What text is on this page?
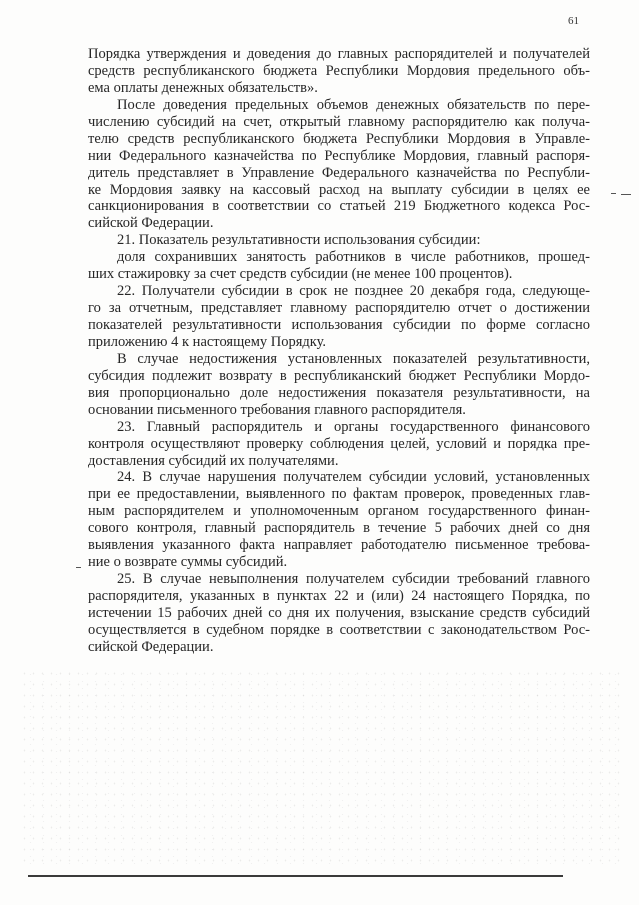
61
Порядка утверждения и доведения до главных распорядителей и получателей
средств республиканского бюджета Республики Мордовия предельного объ-
ема оплаты денежных обязательств».
После доведения предельных объемов денежных обязательств по пере-
числению субсидий на счет, открытый главному распорядителю как получа-
телю средств республиканского бюджета Республики Мордовия в Управле-
нии Федерального казначейства по Республике Мордовия, главный распоря-
дитель представляет в Управление Федерального казначейства по Республи-
ке Мордовия заявку на кассовый расход на выплату субсидии в целях ее
санкционирования в соответствии со статьей 219 Бюджетного кодекса Рос-
сийской Федерации.
21. Показатель результативности использования субсидии:
доля сохранивших занятость работников в числе работников, прошед-
ших стажировку за счет средств субсидии (не менее 100 процентов).
22. Получатели субсидии в срок не позднее 20 декабря года, следующе-
го за отчетным, представляет главному распорядителю отчет о достижении
показателей результативности использования субсидии по форме согласно
приложению 4 к настоящему Порядку.
В случае недостижения установленных показателей результативности,
субсидия подлежит возврату в республиканский бюджет Республики Мордо-
вия пропорционально доле недостижения показателя результативности, на
основании письменного требования главного распорядителя.
23. Главный распорядитель и органы государственного финансового
контроля осуществляют проверку соблюдения целей, условий и порядка пре-
доставления субсидий их получателями.
24. В случае нарушения получателем субсидии условий, установленных
при ее предоставлении, выявленного по фактам проверок, проведенных глав-
ным распорядителем и уполномоченным органом государственного финан-
сового контроля, главный распорядитель в течение 5 рабочих дней со дня
выявления указанного факта направляет работодателю письменное требова-
ние о возврате суммы субсидий.
25. В случае невыполнения получателем субсидии требований главного
распорядителя, указанных в пунктах 22 и (или) 24 настоящего Порядка, по
истечении 15 рабочих дней со дня их получения, взыскание средств субсидий
осуществляется в судебном порядке в соответствии с законодательством Рос-
сийской Федерации.
